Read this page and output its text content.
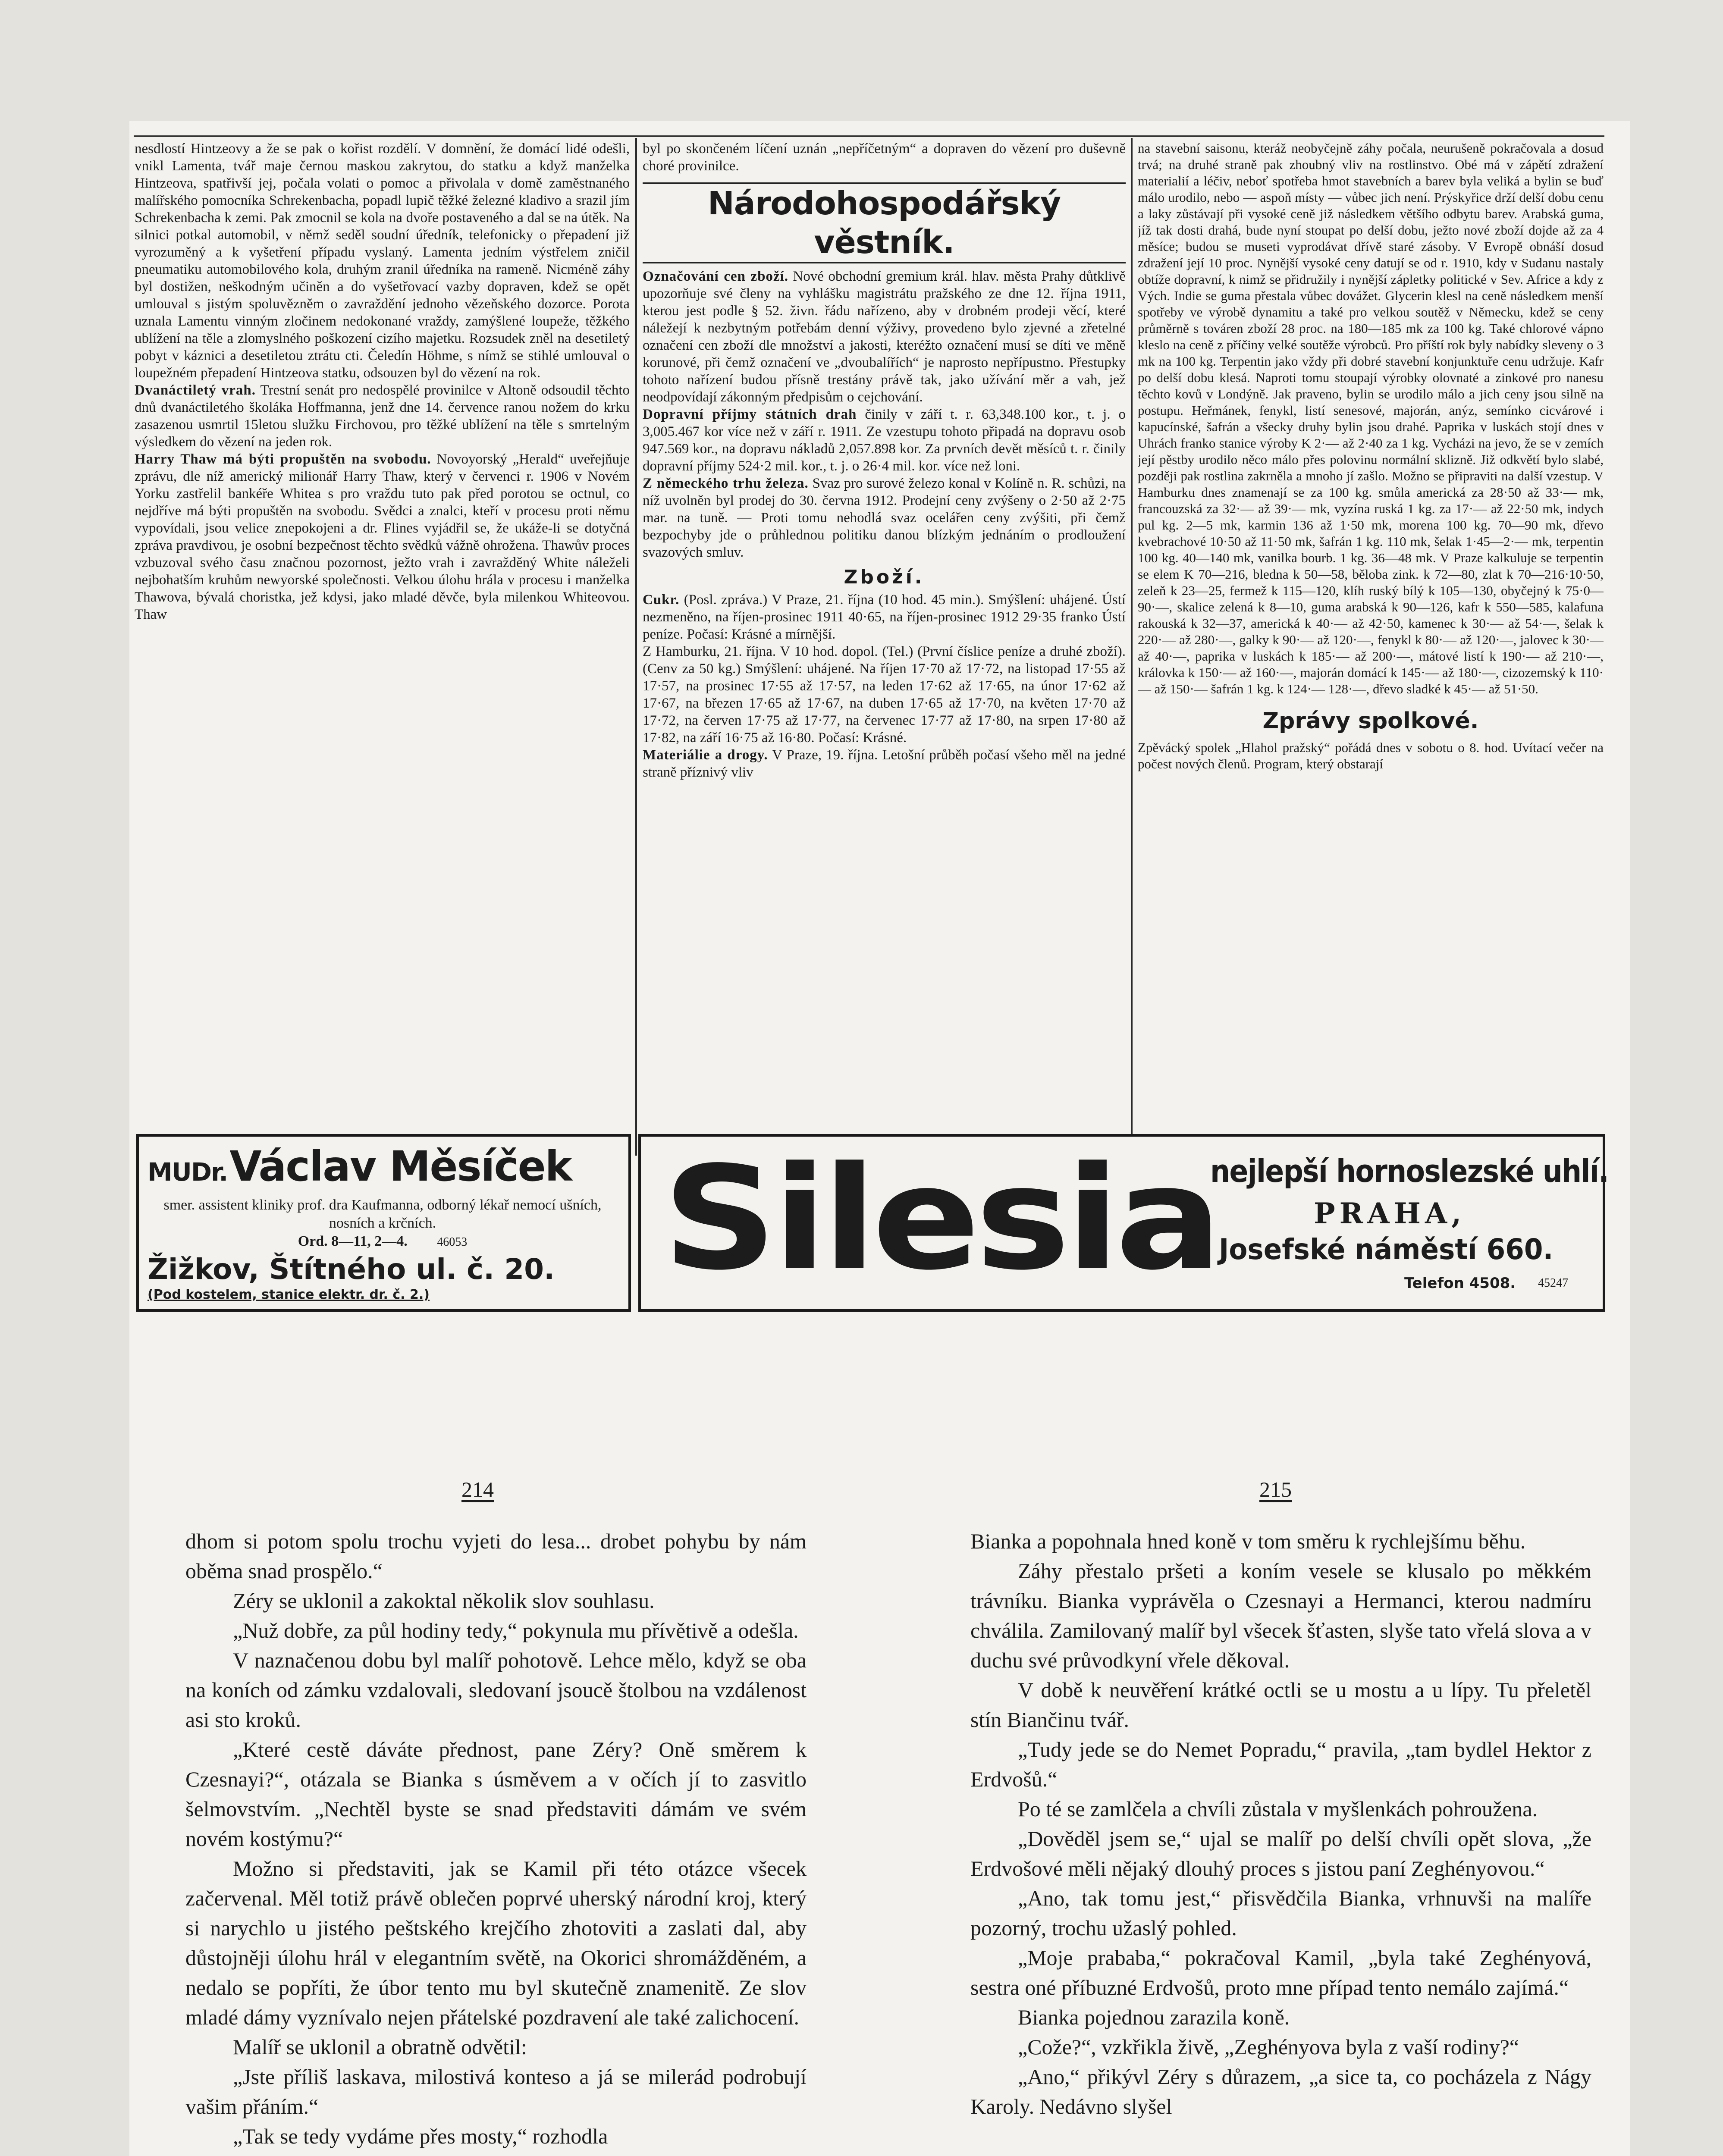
nesdlostí Hintzeovy a že se pak o kořist rozdělí. V domnění, že domácí lidé odešli, vnikl Lamenta, tvář maje černou maskou zakrytou, do statku a když manželka Hintzeova, spatřivší jej, počala volati o pomoc a přivolala v domě zaměstnaného malířského pomocníka Schrekenbacha, popadl lupič těžké železné kladivo a srazil jím Schrekenbacha k zemi. Pak zmocnil se kola na dvoře postaveného a dal se na útěk. Na silnici potkal automobil, v němž seděl soudní úředník, telefonicky o přepadení již vyrozuměný a k vyšetření případu vyslaný. Lamenta jedním výstřelem zničil pneumatiku automobilového kola, druhým zranil úředníka na rameně. Nicméně záhy byl dostižen, neškodným učiněn a do vyšetřovací vazby dopraven, kdež se opět umlouval s jistým spoluvězněm o zavraždění jednoho vězeňského dozorce. Porota uznala Lamentu vinným zločinem nedokonané vraždy, zamýšlené loupeže, těžkého ublížení na těle a zlomyslného poškození cizího majetku. Rozsudek zněl na desetiletý pobyt v káznici a desetiletou ztrátu cti. Čeledín Höhme, s nímž se stihlé umlouval o loupežném přepadení Hintzeova statku, odsouzen byl do vězení na rok.

Dvanáctiletý vrah. Trestní senát pro nedospělé provinilce v Altoně odsoudil těchto dnů dvanáctiletého školáka Hoffmanna, jenž dne 14. července ranou nožem do krku zasazenou usmrtil 15letou služku Firchovou, pro těžké ublížení na těle s smrtelným výsledkem do vězení na jeden rok.

Harry Thaw má býti propuštěn na svobodu. Novoyorský „Herald“ uveřejňuje zprávu, dle níž americký milionář Harry Thaw, který v červenci r. 1906 v Novém Yorku zastřelil bankéře Whitea s pro vraždu tuto pak před porotou se octnul, co nejdříve má býti propuštěn na svobodu. Svědci a znalci, kteří v procesu proti němu vypovídali, jsou velice znepokojeni a dr. Flines vyjádřil se, že ukáže-li se dotyčná zpráva pravdivou, je osobní bezpečnost těchto svědků vážně ohrožena. Thawův proces vzbuzoval svého času značnou pozornost, ježto vrah i zavražděný White náleželi nejbohatším kruhům newyorské společnosti. Velkou úlohu hrála v procesu i manželka Thawova, bývalá choristka, jež kdysi, jako mladé děvče, byla milenkou Whiteovou. Thaw

byl po skončeném líčení uznán „nepříčetným“ a dopraven do vězení pro duševně choré provinilce.

Národohospodářský věstník.

Označování cen zboží. Nové obchodní gremium král. hlav. města Prahy důtklivě upozorňuje své členy na vyhlášku magistrátu pražského ze dne 12. října 1911, kterou jest podle § 52. živn. řádu nařízeno, aby v drobném prodeji věcí, které náležejí k nezbytným potřebám denní výživy, provedeno bylo zjevné a zřetelné označení cen zboží dle množství a jakosti, kteréžto označení musí se díti ve měně korunové, při čemž označení ve „dvoubalířích“ je naprosto nepřípustno. Přestupky tohoto nařízení budou přísně trestány právě tak, jako užívání měr a vah, jež neodpovídají zákonným předpisům o cejchování.

Dopravní příjmy státních drah činily v září t. r. 63,348.100 kor., t. j. o 3,005.467 kor více než v září r. 1911. Ze vzestupu tohoto připadá na dopravu osob 947.569 kor., na dopravu nákladů 2,057.898 kor. Za prvních devět měsíců t. r. činily dopravní příjmy 524·2 mil. kor., t. j. o 26·4 mil. kor. více než loni.

Z německého trhu železa. Svaz pro surové železo konal v Kolíně n. R. schůzi, na níž uvolněn byl prodej do 30. června 1912. Prodejní ceny zvýšeny o 2·50 až 2·75 mar. na tuně. — Proti tomu nehodlá svaz ocelářen ceny zvýšiti, při čemž bezpochyby jde o průhlednou politiku danou blízkým jednáním o prodloužení svazových smluv.

Zboží.

Cukr. (Posl. zpráva.) V Praze, 21. října (10 hod. 45 min.). Smýšlení: uhájené. Ústí nezmeněno, na říjen-prosinec 1911 40·65, na říjen-prosinec 1912 29·35 franko Ústí peníze. Počasí: Krásné a mírnější.

Z Hamburku, 21. října. V 10 hod. dopol. (Tel.) (První číslice peníze a druhé zboží). (Cenv za 50 kg.) Smýšlení: uhájené. Na říjen 17·70 až 17·72, na listopad 17·55 až 17·57, na prosinec 17·55 až 17·57, na leden 17·62 až 17·65, na únor 17·62 až 17·67, na březen 17·65 až 17·67, na duben 17·65 až 17·70, na květen 17·70 až 17·72, na červen 17·75 až 17·77, na červenec 17·77 až 17·80, na srpen 17·80 až 17·82, na září 16·75 až 16·80. Počasí: Krásné.

Materiálie a drogy. V Praze, 19. října. Letošní průběh počasí všeho měl na jedné straně příznivý vliv

na stavební saisonu, kteráž neobyčejně záhy počala, neurušeně pokračovala a dosud trvá; na druhé straně pak zhoubný vliv na rostlinstvo. Obé má v zápětí zdražení materialií a léčiv, neboť spotřeba hmot stavebních a barev byla veliká a bylin se buď málo urodilo, nebo — aspoň místy — vůbec jich není. Prýskyřice drží delší dobu cenu a laky zůstávají při vysoké ceně již následkem většího odbytu barev. Arabská guma, jíž tak dosti drahá, bude nyní stoupat po delší dobu, ježto nové zboží dojde až za 4 měsíce; budou se museti vyprodávat dřívě staré zásoby. V Evropě obnáší dosud zdražení její 10 proc. Nynější vysoké ceny datují se od r. 1910, kdy v Sudanu nastaly obtíže dopravní, k nimž se přidružily i nynější zápletky politické v Sev. Africe a kdy z Vých. Indie se guma přestala vůbec dovážet. Glycerin klesl na ceně následkem menší spotřeby ve výrobě dynamitu a také pro velkou soutěž v Německu, kdež se ceny průměrně s továren zboží 28 proc. na 180—185 mk za 100 kg. Také chlorové vápno kleslo na ceně z příčiny velké soutěže výrobců. Pro příští rok byly nabídky sleveny o 3 mk na 100 kg. Terpentin jako vždy při dobré stavební konjunktuře cenu udržuje. Kafr po delší dobu klesá. Naproti tomu stoupají výrobky olovnaté a zinkové pro nanesu těchto kovů v Londýně. Jak praveno, bylin se urodilo málo a jich ceny jsou silně na postupu. Heřmánek, fenykl, listí senesové, majorán, anýz, semínko cicvárové i kapucínské, šafrán a všecky druhy bylin jsou drahé. Paprika v luskách stojí dnes v Uhrách franko stanice výroby K 2·— až 2·40 za 1 kg. Vycházi na jevo, že se v zemích její pěstby urodilo něco málo přes polovinu normální sklizně. Již odkvětí bylo slabé, později pak rostlina zakrněla a mnoho jí zašlo. Možno se připraviti na další vzestup. V Hamburku dnes znamenají se za 100 kg. smůla americká za 28·50 až 33·— mk, francouzská za 32·— až 39·— mk, vyzína ruská 1 kg. za 17·— až 22·50 mk, indych pul kg. 2—5 mk, karmin 136 až 1·50 mk, morena 100 kg. 70—90 mk, dřevo kvebrachové 10·50 až 11·50 mk, šafrán 1 kg. 110 mk, šelak 1·45—2·— mk, terpentin 100 kg. 40—140 mk, vanilka bourb. 1 kg. 36—48 mk. V Praze kalkuluje se terpentin se elem K 70—216, bledna k 50—58, běloba zink. k 72—80, zlat k 70—216·10·50, zeleň k 23—25, fermež k 115—120, klíh ruský bílý k 105—130, obyčejný k 75·0—90·—, skalice zelená k 8—10, guma arabská k 90—126, kafr k 550—585, kalafuna rakouská k 32—37, americká k 40·— až 42·50, kamenec k 30·— až 54·—, šelak k 220·— až 280·—, galky k 90·— až 120·—, fenykl k 80·— až 120·—, jalovec k 30·— až 40·—, paprika v luskách k 185·— až 200·—, mátové listí k 190·— až 210·—, královka k 150·— až 160·—, majorán domácí k 145·— až 180·—, cizozemský k 110·— až 150·— šafrán 1 kg. k 124·— 128·—, dřevo sladké k 45·— až 51·50.

Zprávy spolkové.

Zpěvácký spolek „Hlahol pražský“ pořádá dnes v sobotu o 8. hod. Uvítací večer na počest nových členů. Program, který obstarají

MUDr. Václav Měsíček
smer. assistent kliniky prof. dra Kaufmanna, odborný lékař nemocí ušních, nosních a krčních.
Ord. 8—11, 2—4. 46053
Žižkov, Štítného ul. č. 20.
(Pod kostelem, stanice elektr. dr. č. 2.) Silesia
nejlepší hornoslezské uhlí.
PRAHA,
Josefské náměstí 660.
Telefon 4508. 45247
214	215

dhom si potom spolu trochu vyjeti do lesa... drobet pohybu by nám oběma snad prospělo.“

Zéry se uklonil a zakoktal několik slov souhlasu.

„Nuž dobře, za půl hodiny tedy,“ pokynula mu přívětivě a odešla.

V naznačenou dobu byl malíř pohotově. Lehce mělo, když se oba na koních od zámku vzdalovali, sledovaní jsoucě štolbou na vzdálenost asi sto kroků.

„Které cestě dáváte přednost, pane Zéry? Oně směrem k Czesnayi?“, otázala se Bianka s úsměvem a v očích jí to zasvitlo šelmovstvím. „Nechtěl byste se snad představiti dámám ve svém novém kostýmu?“

Možno si představiti, jak se Kamil při této otázce všecek začervenal. Měl totiž právě oblečen poprvé uherský národní kroj, který si narychlo u jistého peštského krejčího zhotoviti a zaslati dal, aby důstojněji úlohu hrál v elegantním světě, na Okorici shromážděném, a nedalo se popříti, že úbor tento mu byl skutečně znamenitě. Ze slov mladé dámy vyznívalo nejen přátelské pozdravení ale také zalichocení.

Malíř se uklonil a obratně odvětil:

„Jste příliš laskava, milostivá konteso a já se milerád podrobují vašim přáním.“

„Tak se tedy vydáme přes mosty,“ rozhodla

Bianka a popohnala hned koně v tom směru k rychlejšímu běhu.

Záhy přestalo pršeti a koním vesele se klusalo po měkkém trávníku. Bianka vyprávěla o Czesnayi a Hermanci, kterou nadmíru chválila. Zamilovaný malíř byl všecek šťasten, slyše tato vřelá slova a v duchu své průvodkyní vřele děkoval.

V době k neuvěření krátké octli se u mostu a u lípy. Tu přeletěl stín Biančinu tvář.

„Tudy jede se do Nemet Popradu,“ pravila, „tam bydlel Hektor z Erdvošů.“

Po té se zamlčela a chvíli zůstala v myšlenkách pohroužena.

„Dověděl jsem se,“ ujal se malíř po delší chvíli opět slova, „že Erdvošové měli nějaký dlouhý proces s jistou paní Zeghényovou.“

„Ano, tak tomu jest,“ přisvědčila Bianka, vrhnuvši na malíře pozorný, trochu užaslý pohled.

„Moje prababa,“ pokračoval Kamil, „byla také Zeghényová, sestra oné příbuzné Erdvošů, proto mne případ tento nemálo zajímá.“

Bianka pojednou zarazila koně.

„Cože?“, vzkřikla živě, „Zeghényova byla z vaší rodiny?“

„Ano,“ přikývl Zéry s důrazem, „a sice ta, co pocházela z Nágy Karoly. Nedávno slyšel
